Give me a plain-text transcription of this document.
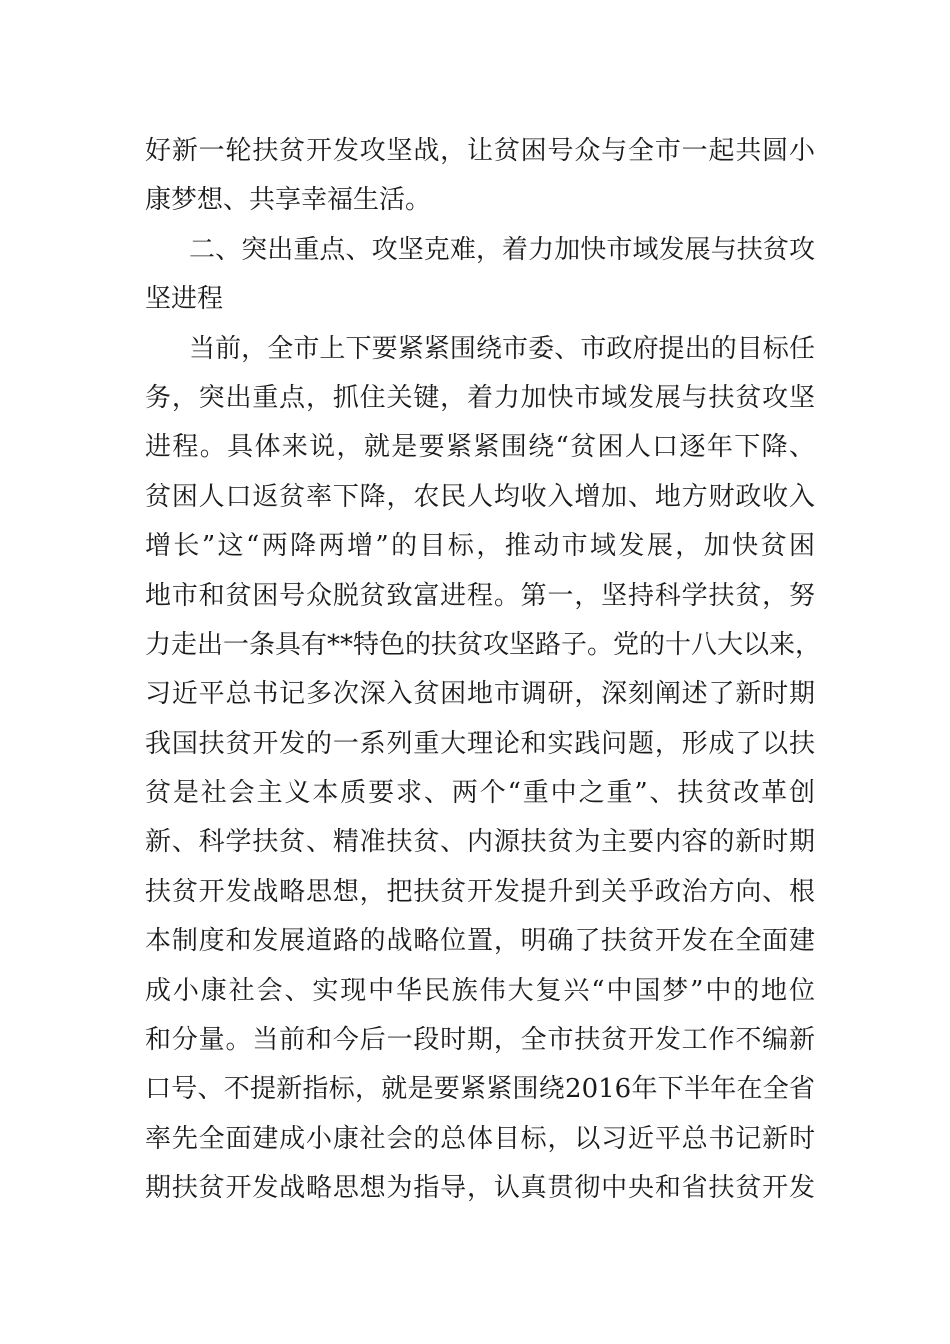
好新一轮扶贫开发攻坚战，让贫困号众与全市一起共圆小
康梦想、共享幸福生活。
二、突出重点、攻坚克难，着力加快市域发展与扶贫攻
坚进程
当前，全市上下要紧紧围绕市委、市政府提出的目标任
务，突出重点，抓住关键，着力加快市域发展与扶贫攻坚
进程。具体来说，就是要紧紧围绕“贫困人口逐年下降、
贫困人口返贫率下降，农民人均收入增加、地方财政收入
增长”这“两降两增”的目标，推动市域发展，加快贫困
地市和贫困号众脱贫致富进程。第一，坚持科学扶贫，努
力走出一条具有**特色的扶贫攻坚路子。党的十八大以来，
习近平总书记多次深入贫困地市调研，深刻阐述了新时期
我国扶贫开发的一系列重大理论和实践问题，形成了以扶
贫是社会主义本质要求、两个“重中之重”、扶贫改革创
新、科学扶贫、精准扶贫、内源扶贫为主要内容的新时期
扶贫开发战略思想，把扶贫开发提升到关乎政治方向、根
本制度和发展道路的战略位置，明确了扶贫开发在全面建
成小康社会、实现中华民族伟大复兴“中国梦”中的地位
和分量。当前和今后一段时期，全市扶贫开发工作不编新
口号、不提新指标，就是要紧紧围绕2016年下半年在全省
率先全面建成小康社会的总体目标，以习近平总书记新时
期扶贫开发战略思想为指导，认真贯彻中央和省扶贫开发
